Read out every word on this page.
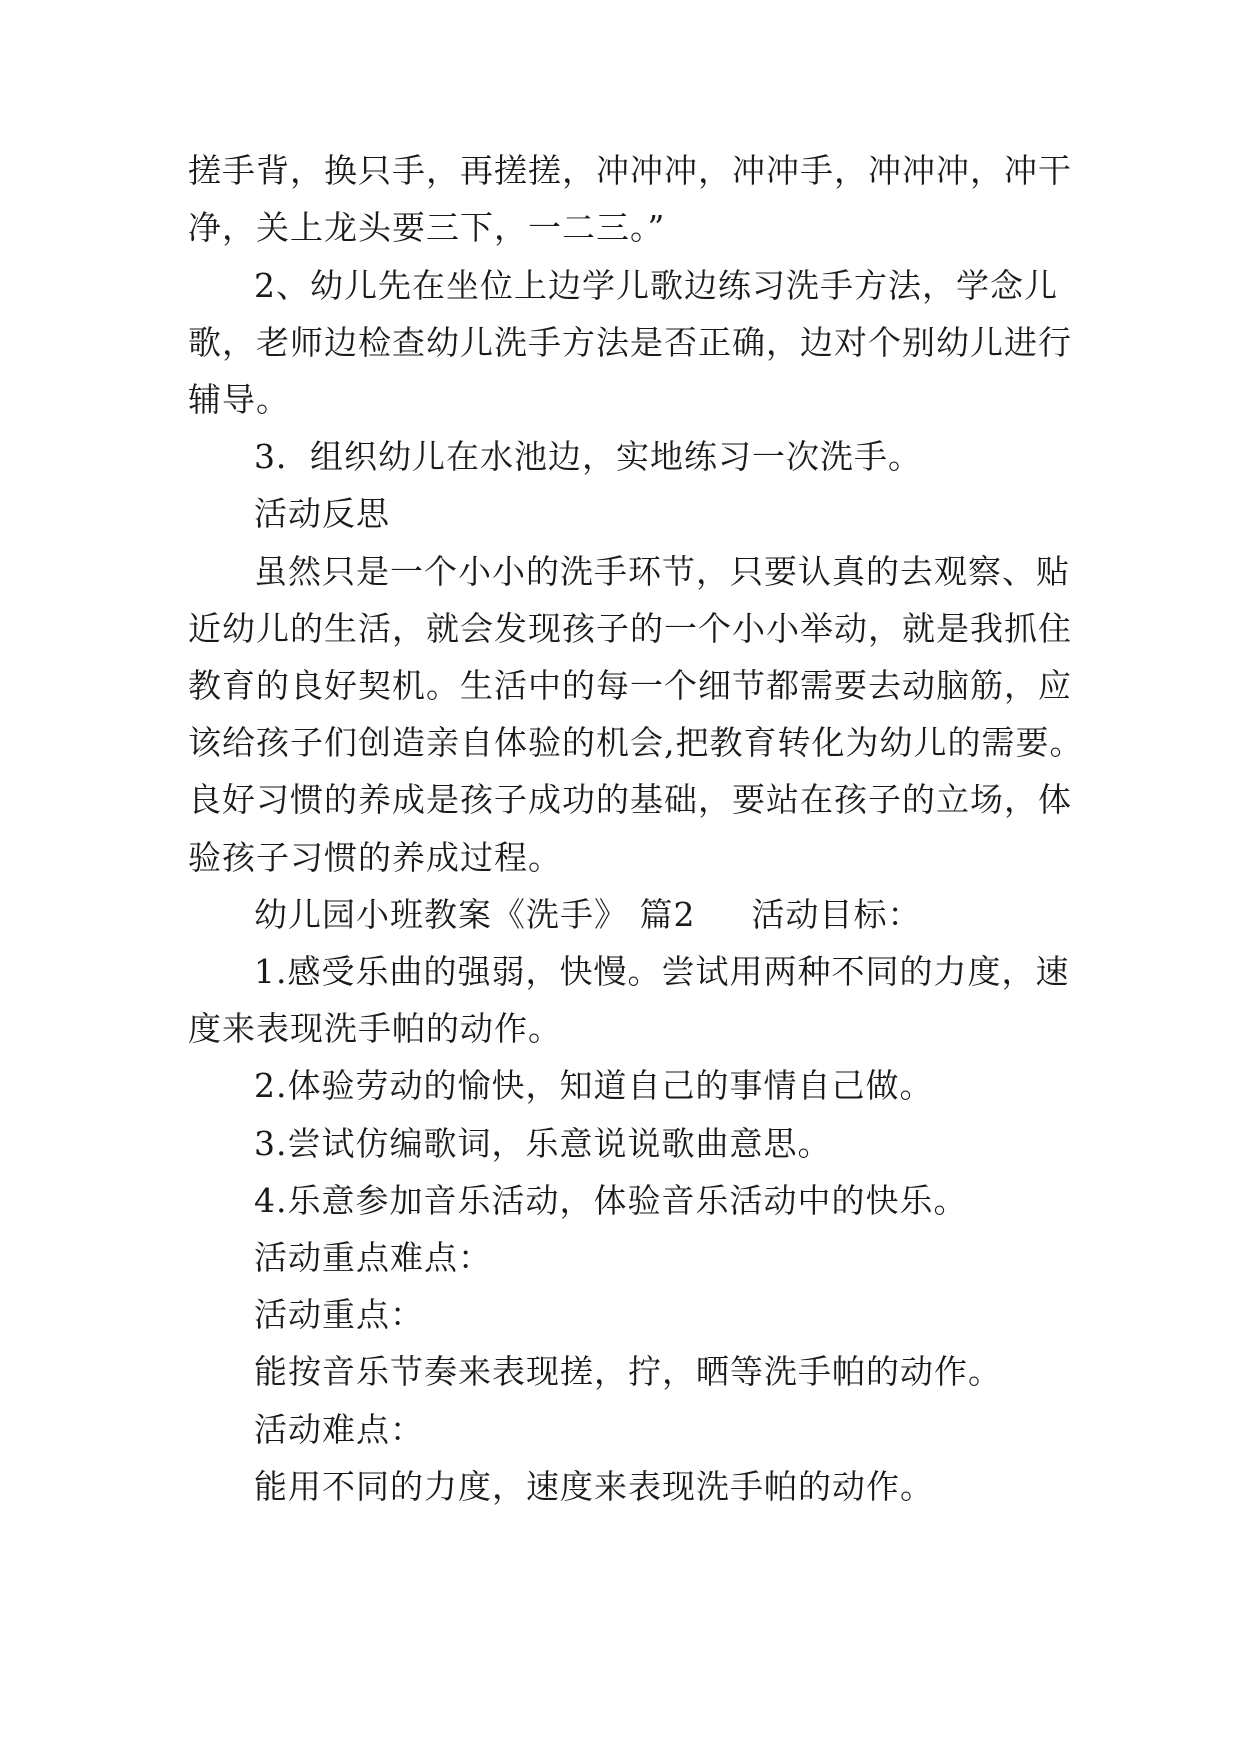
搓手背，换只手，再搓搓，冲冲冲，冲冲手，冲冲冲，冲干
净，关上龙头要三下，一二三。”
2、幼儿先在坐位上边学儿歌边练习洗手方法，学念儿
歌，老师边检查幼儿洗手方法是否正确，边对个别幼儿进行
辅导。
3．组织幼儿在水池边，实地练习一次洗手。
活动反思
虽然只是一个小小的洗手环节，只要认真的去观察、贴
近幼儿的生活，就会发现孩子的一个小小举动，就是我抓住
教育的良好契机。生活中的每一个细节都需要去动脑筋，应
该给孩子们创造亲自体验的机会,把教育转化为幼儿的需要。
良好习惯的养成是孩子成功的基础，要站在孩子的立场，体
验孩子习惯的养成过程。
幼儿园小班教案《洗手》 篇2 活动目标：
1.感受乐曲的强弱，快慢。尝试用两种不同的力度，速
度来表现洗手帕的动作。
2.体验劳动的愉快，知道自己的事情自己做。
3.尝试仿编歌词，乐意说说歌曲意思。
4.乐意参加音乐活动，体验音乐活动中的快乐。
活动重点难点：
活动重点：
能按音乐节奏来表现搓，拧，晒等洗手帕的动作。
活动难点：
能用不同的力度，速度来表现洗手帕的动作。
